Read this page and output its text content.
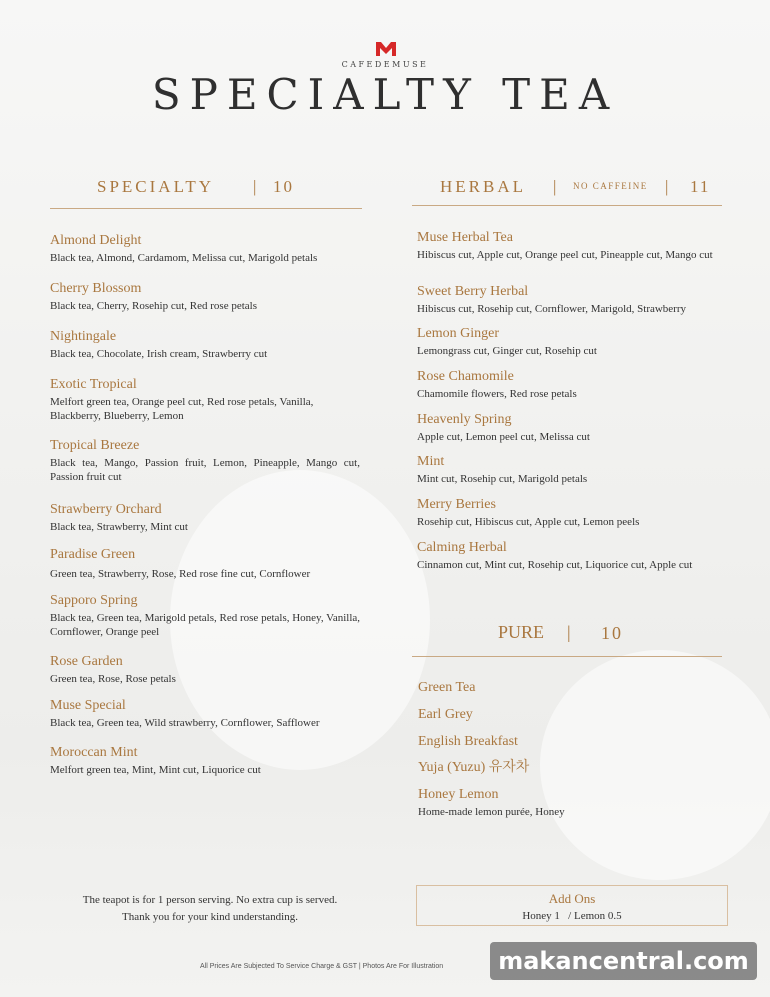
CAFEDEMUSE
SPECIALTY TEA
SPECIALTY | 10
Almond Delight
Black tea, Almond, Cardamom, Melissa cut, Marigold petals
Cherry Blossom
Black tea, Cherry, Rosehip cut, Red rose petals
Nightingale
Black tea, Chocolate, Irish cream, Strawberry cut
Exotic Tropical
Melfort green tea, Orange peel cut, Red rose petals, Vanilla, Blackberry, Blueberry, Lemon
Tropical Breeze
Black tea, Mango, Passion fruit, Lemon, Pineapple, Mango cut, Passion fruit cut
Strawberry Orchard
Black tea, Strawberry, Mint cut
Paradise Green
Green tea, Strawberry, Rose, Red rose fine cut, Cornflower
Sapporo Spring
Black tea, Green tea, Marigold petals, Red rose petals, Honey, Vanilla, Cornflower, Orange peel
Rose Garden
Green tea, Rose, Rose petals
Muse Special
Black tea, Green tea, Wild strawberry, Cornflower, Safflower
Moroccan Mint
Melfort green tea, Mint, Mint cut, Liquorice cut
HERBAL | NO CAFFEINE | 11
Muse Herbal Tea
Hibiscus cut, Apple cut, Orange peel cut, Pineapple cut, Mango cut
Sweet Berry Herbal
Hibiscus cut, Rosehip cut, Cornflower, Marigold, Strawberry
Lemon Ginger
Lemongrass cut, Ginger cut, Rosehip cut
Rose Chamomile
Chamomile flowers, Red rose petals
Heavenly Spring
Apple cut, Lemon peel cut, Melissa cut
Mint
Mint cut, Rosehip cut, Marigold petals
Merry Berries
Rosehip cut, Hibiscus cut, Apple cut, Lemon peels
Calming Herbal
Cinnamon cut, Mint cut, Rosehip cut, Liquorice cut, Apple cut
PURE | 10
Green Tea
Earl Grey
English Breakfast
Yuja (Yuzu) 유자차
Honey Lemon
Home-made lemon purée, Honey
The teapot is for 1 person serving. No extra cup is served.
Thank you for your kind understanding.
Add Ons
Honey 1 / Lemon 0.5
All Prices Are Subjected To Service Charge & GST | Photos Are For Illustration	makancentral.com
